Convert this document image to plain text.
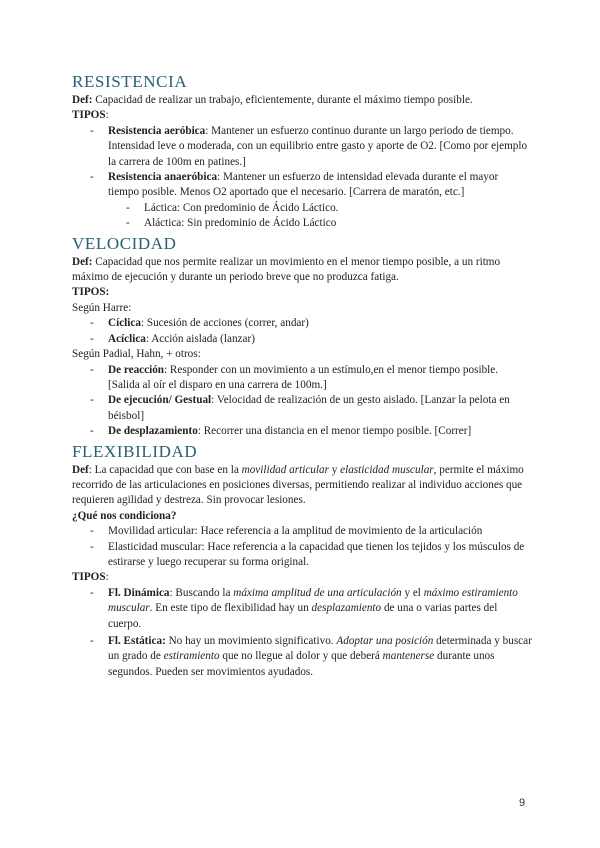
RESISTENCIA

Def: Capacidad de realizar un trabajo, eficientemente, durante el máximo tiempo posible.

TIPOS:

- Resistencia aeróbica: Mantener un esfuerzo continuo durante un largo periodo de tiempo. Intensidad leve o moderada, con un equilibrio entre gasto y aporte de O2. [Como por ejemplo la carrera de 100m en patines.]
- Resistencia anaeróbica: Mantener un esfuerzo de intensidad elevada durante el mayor tiempo posible. Menos O2 aportado que el necesario. [Carrera de maratón, etc.]
- Láctica: Con predominio de Ácido Láctico.
- Aláctica: Sin predominio de Ácido Láctico
VELOCIDAD

Def: Capacidad que nos permite realizar un movimiento en el menor tiempo posible, a un ritmo máximo de ejecución y durante un periodo breve que no produzca fatiga.

TIPOS:

Según Harre:

- Cíclica: Sucesión de acciones (correr, andar)
- Acíclica: Acción aislada (lanzar)

Según Padial, Hahn, + otros:

- De reacción: Responder con un movimiento a un estímulo,en el menor tiempo posible. [Salida al oír el disparo en una carrera de 100m.]
- De ejecución/ Gestual: Velocidad de realización de un gesto aislado. [Lanzar la pelota en béisbol]
- De desplazamiento: Recorrer una distancia en el menor tiempo posible. [Correr]
FLEXIBILIDAD

Def: La capacidad que con base en la movilidad articular y elasticidad muscular, permite el máximo recorrido de las articulaciones en posiciones diversas, permitiendo realizar al individuo acciones que requieren agilidad y destreza. Sin provocar lesiones.

¿Qué nos condiciona?

- Movilidad articular: Hace referencia a la amplitud de movimiento de la articulación
- Elasticidad muscular: Hace referencia a la capacidad que tienen los tejidos y los músculos de estirarse y luego recuperar su forma original.

TIPOS:

- Fl. Dinámica: Buscando la máxima amplitud de una articulación y el máximo estiramiento muscular. En este tipo de flexibilidad hay un desplazamiento de una o varias partes del cuerpo.
- Fl. Estática: No hay un movimiento significativo. Adoptar una posición determinada y buscar un grado de estiramiento que no llegue al dolor y que deberá mantenerse durante unos segundos. Pueden ser movimientos ayudados.
9
